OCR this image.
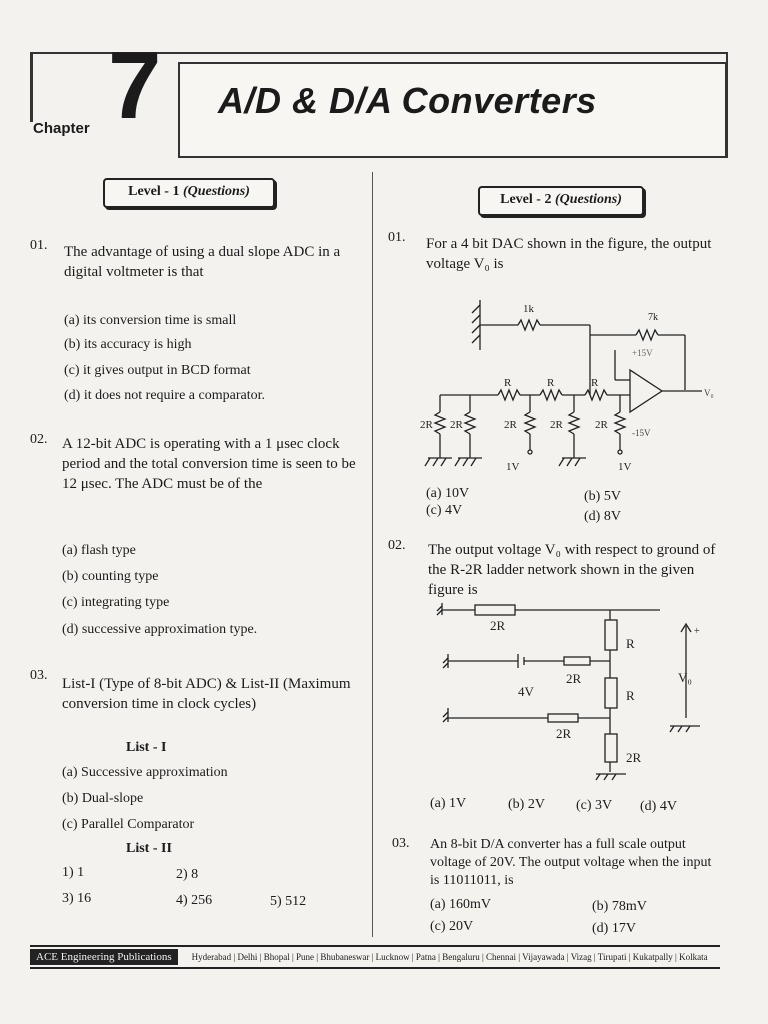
Chapter 7 A/D & D/A Converters
Level - 1 (Questions)
01. The advantage of using a dual slope ADC in a digital voltmeter is that
(a) its conversion time is small
(b) its accuracy is high
(c) it gives output in BCD format
(d) it does not require a comparator.
02. A 12-bit ADC is operating with a 1 μsec clock period and the total conversion time is seen to be 12 μsec. The ADC must be of the
(a) flash type
(b) counting type
(c) integrating type
(d) successive approximation type.
03.
List-I (Type of 8-bit ADC) & List-II (Maximum conversion time in clock cycles)
List - I
(a) Successive approximation
(b) Dual-slope
(c) Parallel Comparator
List - II
1) 1	2) 8
3) 16	4) 256	5) 512
Level - 2 (Questions)
01. For a 4 bit DAC shown in the figure, the output voltage V₀ is
1k
7k
+15V
-15V
V₀
R	R	R
2R 2R	2R	2R	2R
1V	1V
(a) 10V	(b) 5V
(c) 4V	(d) 8V
02. The output voltage V₀ with respect to ground of the R-2R ladder network shown in the given figure is
2R
R
2R
4V	R
2R
2R
V₀
+
(a) 1V	(b) 2V (c) 3V (d) 4V
03. An 8-bit D/A converter has a full scale output voltage of 20V. The output voltage when the input is 11011011, is
(a) 160mV	(b) 78mV
(c) 20V	(d) 17V
ACE Engineering Publications	Hyderabad | Delhi | Bhopal | Pune | Bhubaneswar | Lucknow | Patna | Bengaluru | Chennai | Vijayawada | Vizag | Tirupati | Kukatpally | Kolkata
